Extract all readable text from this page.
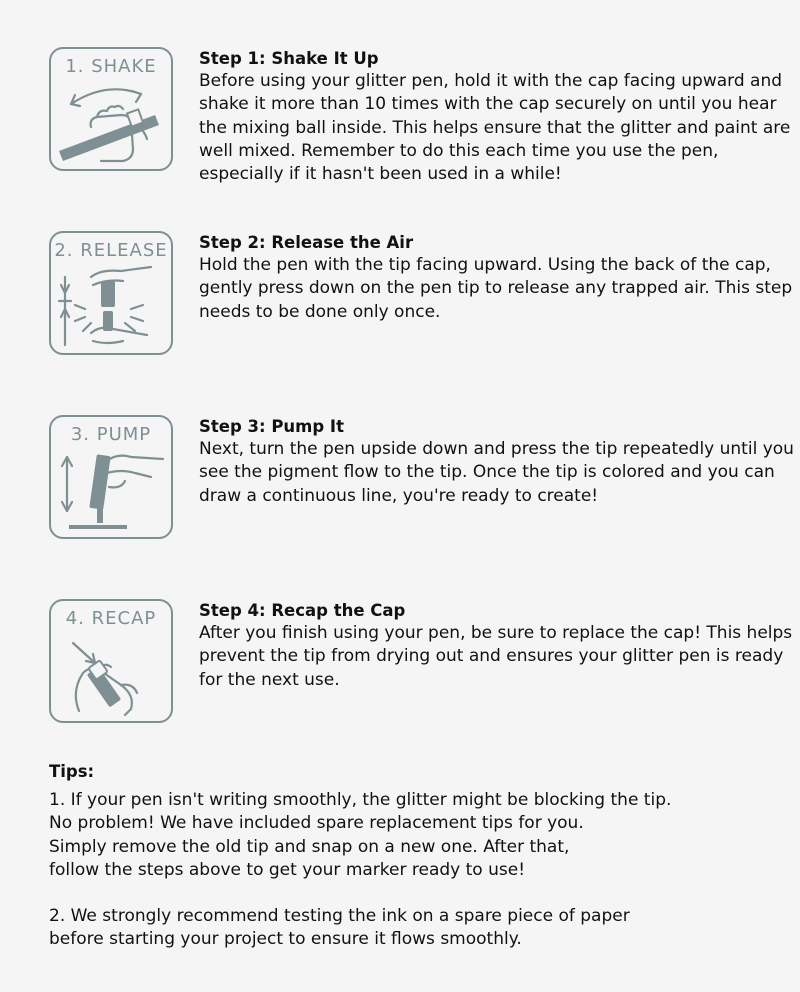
1. SHAKE	Step 1: Shake It Up

Before using your glitter pen, hold it with the cap facing upward and shake it more than 10 times with the cap securely on until you hear the mixing ball inside. This helps ensure that the glitter and paint are well mixed. Remember to do this each time you use the pen, especially if it hasn't been used in a while!

2. RELEASE Step 2: Release the Air

Hold the pen with the tip facing upward. Using the back of the cap, gently press down on the pen tip to release any trapped air. This step needs to be done only once.

3. PUMP	Step 3: Pump It

Next, turn the pen upside down and press the tip repeatedly until you see the pigment flow to the tip. Once the tip is colored and you can draw a continuous line, you're ready to create!

4. RECAP	Step 4: Recap the Cap

After you finish using your pen, be sure to replace the cap! This helps prevent the tip from drying out and ensures your glitter pen is ready for the next use.

Tips:

1. If your pen isn't writing smoothly, the glitter might be blocking the tip.
No problem! We have included spare replacement tips for you.
Simply remove the old tip and snap on a new one. After that,
follow the steps above to get your marker ready to use!
2. We strongly recommend testing the ink on a spare piece of paper
before starting your project to ensure it flows smoothly.
